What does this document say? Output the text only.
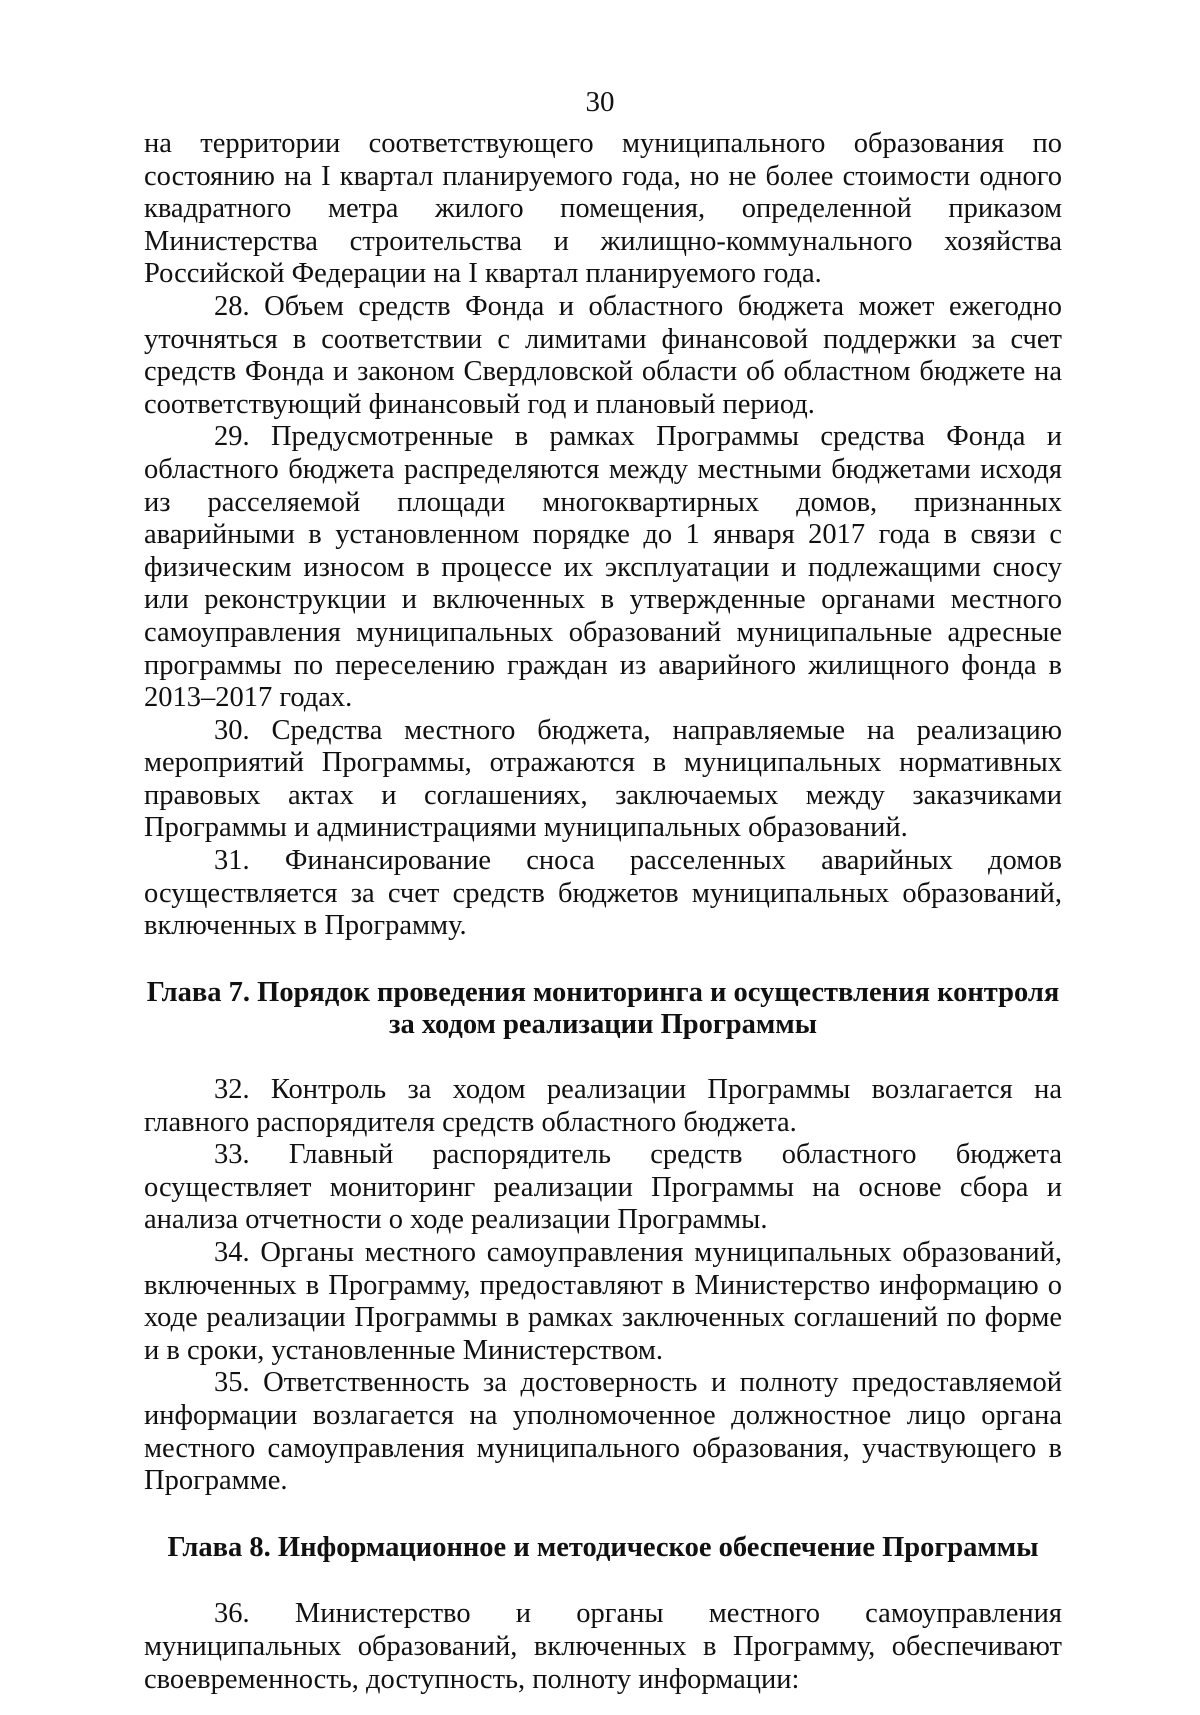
30

на территории соответствующего муниципального образования по состоянию на I квартал планируемого года, но не более стоимости одного квадратного метра жилого помещения, определенной приказом Министерства строительства и жилищно-коммунального хозяйства Российской Федерации на I квартал планируемого года.

28. Объем средств Фонда и областного бюджета может ежегодно уточняться в соответствии с лимитами финансовой поддержки за счет средств Фонда и законом Свердловской области об областном бюджете на соответствующий финансовый год и плановый период.

29. Предусмотренные в рамках Программы средства Фонда и областного бюджета распределяются между местными бюджетами исходя из расселяемой площади многоквартирных домов, признанных аварийными в установленном порядке до 1 января 2017 года в связи с физическим износом в процессе их эксплуатации и подлежащими сносу или реконструкции и включенных в утвержденные органами местного самоуправления муниципальных образований муниципальные адресные программы по переселению граждан из аварийного жилищного фонда в 2013–2017 годах.

30. Средства местного бюджета, направляемые на реализацию мероприятий Программы, отражаются в муниципальных нормативных правовых актах и соглашениях, заключаемых между заказчиками Программы и администрациями муниципальных образований.

31. Финансирование сноса расселенных аварийных домов осуществляется за счет средств бюджетов муниципальных образований, включенных в Программу.

Глава 7. Порядок проведения мониторинга и осуществления контроля
за ходом реализации Программы

32. Контроль за ходом реализации Программы возлагается на главного распорядителя средств областного бюджета.

33. Главный распорядитель средств областного бюджета осуществляет мониторинг реализации Программы на основе сбора и анализа отчетности о ходе реализации Программы.

34. Органы местного самоуправления муниципальных образований, включенных в Программу, предоставляют в Министерство информацию о ходе реализации Программы в рамках заключенных соглашений по форме и в сроки, установленные Министерством.

35. Ответственность за достоверность и полноту предоставляемой информации возлагается на уполномоченное должностное лицо органа местного самоуправления муниципального образования, участвующего в Программе.

Глава 8. Информационное и методическое обеспечение Программы

36. Министерство и органы местного самоуправления муниципальных образований, включенных в Программу, обеспечивают своевременность, доступность, полноту информации:
